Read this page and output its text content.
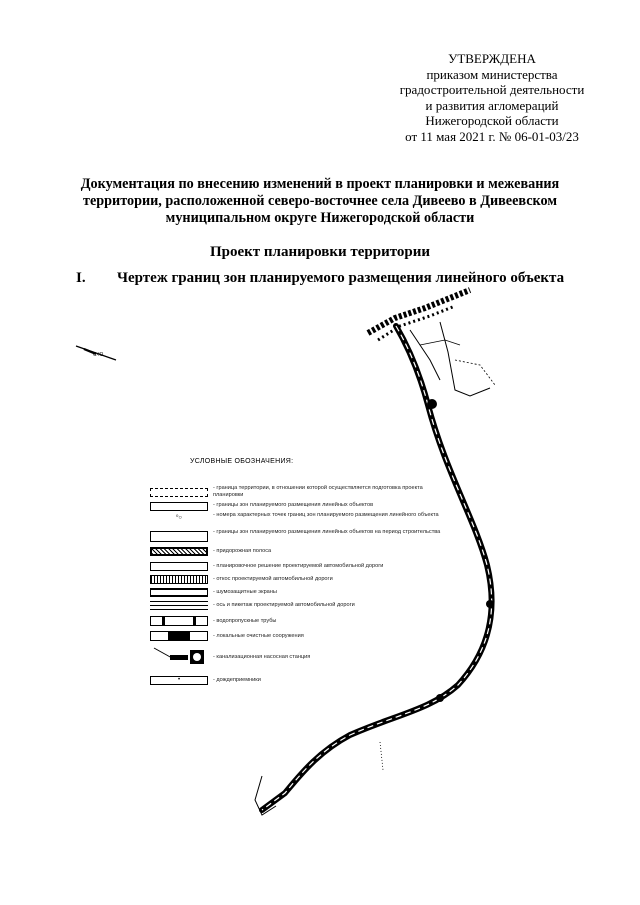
УТВЕРЖДЕНА
приказом министерства
градостроительной деятельности
и развития агломераций
Нижегородской области
от 11 мая 2021 г. № 06-01-03/23
Документация по внесению изменений в проект планировки и межевания
территории, расположенной северо-восточнее села Дивеево в Дивеевском
муниципальном округе Нижегородской области
Проект планировки территории
I. Чертеж границ зон планируемого размещения линейного объекта
С-Ю
УСЛОВНЫЕ ОБОЗНАЧЕНИЯ:
- граница территории, в отношении которой осуществляется подготовка проекта планировки
- границы зон планируемого размещения линейных объектов
⁰○	- номера характерных точек границ зон планируемого размещения линейного объекта
- границы зон планируемого размещения линейных объектов на период строительства
- придорожная полоса
- планировочное решение проектируемой автомобильной дороги
- откос проектируемой автомобильной дороги
- шумозащитные экраны
- ось и пикетаж проектируемой автомобильной дороги
- водопропускные трубы
- локальные очистные сооружения
- канализационная насосная станция
•	- дождеприемники
